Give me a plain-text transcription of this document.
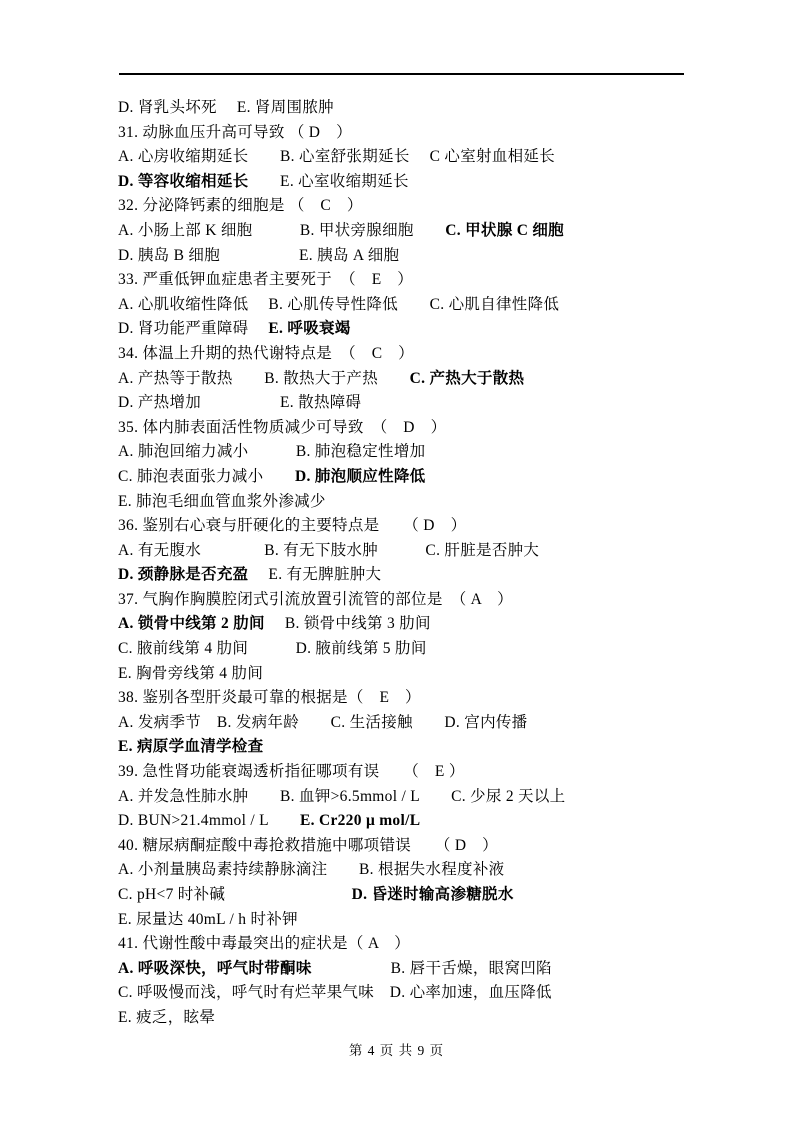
D. 肾乳头坏死　 E. 肾周围脓肿
31. 动脉血压升高可导致 （ D　）
A. 心房收缩期延长　　B. 心室舒张期延长　 C 心室射血相延长
D. 等容收缩相延长　　E. 心室收缩期延长
32. 分泌降钙素的细胞是 （　C　）
A. 小肠上部 K 细胞　　　B. 甲状旁腺细胞　　C. 甲状腺 C 细胞
D. 胰岛 B 细胞　　　　　E. 胰岛 A 细胞
33. 严重低钾血症患者主要死于　（　E　）
A. 心肌收缩性降低　 B. 心肌传导性降低　　C. 心肌自律性降低
D. 肾功能严重障碍　 E. 呼吸衰竭
34. 体温上升期的热代谢特点是　（　C　）
A. 产热等于散热　　B. 散热大于产热　　C. 产热大于散热
D. 产热增加　　　　　E. 散热障碍
35. 体内肺表面活性物质减少可导致　（　D　）
A. 肺泡回缩力减小　　　B. 肺泡稳定性增加
C. 肺泡表面张力减小　　D. 肺泡顺应性降低
E. 肺泡毛细血管血浆外渗减少
36. 鉴别右心衰与肝硬化的主要特点是　　（ D　）
A. 有无腹水　　　　B. 有无下肢水肿　　　C. 肝脏是否肿大
D. 颈静脉是否充盈　 E. 有无脾脏肿大
37. 气胸作胸膜腔闭式引流放置引流管的部位是　（ A　）
A. 锁骨中线第 2 肋间　 B. 锁骨中线第 3 肋间
C. 腋前线第 4 肋间　　　D. 腋前线第 5 肋间
E. 胸骨旁线第 4 肋间
38. 鉴别各型肝炎最可靠的根据是（　E　）
A. 发病季节　B. 发病年龄　　C. 生活接触　　D. 宫内传播
E. 病原学血清学检查
39. 急性肾功能衰竭透析指征哪项有误　　（　E ）
A. 并发急性肺水肿　　B. 血钾>6.5mmol / L　　C. 少尿 2 天以上
D. BUN>21.4mmol / L　　E. Cr220 μ mol/L
40. 糖尿病酮症酸中毒抢救措施中哪项错误　　（ D　）
A. 小剂量胰岛素持续静脉滴注　　B. 根据失水程度补液
C. pH<7 时补碱　　　　　　　　D. 昏迷时输高渗糖脱水
E. 尿量达 40mL / h 时补钾
41. 代谢性酸中毒最突出的症状是（ A　）
A. 呼吸深快，呼气时带酮味　　　　　B. 唇干舌燥，眼窝凹陷
C. 呼吸慢而浅，呼气时有烂苹果气味　D. 心率加速，血压降低
E. 疲乏，眩晕
第 4 页 共 9 页
